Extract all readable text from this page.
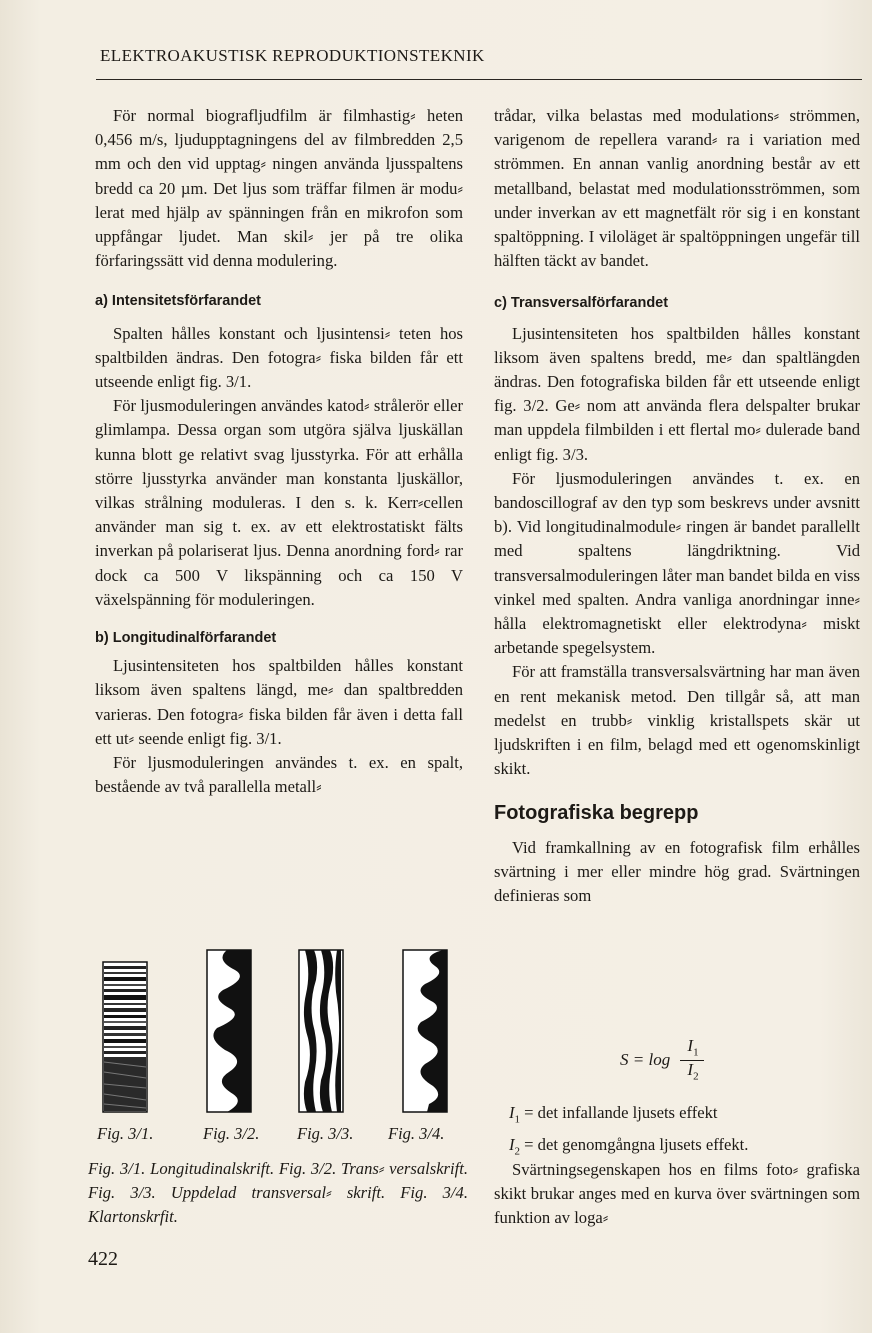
ELEKTROAKUSTISK REPRODUKTIONSTEKNIK

För normal biografljudfilm är filmhastig⸗ heten 0,456 m/s, ljudupptagningens del av filmbredden 2,5 mm och den vid upptag⸗ ningen använda ljusspaltens bredd ca 20 µm. Det ljus som träffar filmen är modu⸗ lerat med hjälp av spänningen från en mikrofon som uppfångar ljudet. Man skil⸗ jer på tre olika förfaringssätt vid denna modulering.

a) Intensitetsförfarandet

Spalten hålles konstant och ljusintensi⸗ teten hos spaltbilden ändras. Den fotogra⸗ fiska bilden får ett utseende enligt fig. 3/1.

För ljusmoduleringen användes katod⸗ strålerör eller glimlampa. Dessa organ som utgöra själva ljuskällan kunna blott ge relativt svag ljusstyrka. För att erhålla större ljusstyrka använder man konstanta ljuskällor, vilkas strålning moduleras. I den s. k. Kerr⸗cellen använder man sig t. ex. av ett elektrostatiskt fälts inverkan på polariserat ljus. Denna anordning ford⸗ rar dock ca 500 V likspänning och ca 150 V växelspänning för moduleringen.

b) Longitudinalförfarandet

Ljusintensiteten hos spaltbilden hålles konstant liksom även spaltens längd, me⸗ dan spaltbredden varieras. Den fotogra⸗ fiska bilden får även i detta fall ett ut⸗ seende enligt fig. 3/1.

För ljusmoduleringen användes t. ex. en spalt, bestående av två parallella metall⸗

Fig. 3/1.	Fig. 3/2. Fig. 3/3. Fig. 3/4.
Fig. 3/1. Longitudinalskrift. Fig. 3/2. Trans⸗ versalskrift. Fig. 3/3. Uppdelad transversal⸗ skrift. Fig. 3/4. Klartonskrfit.
422

trådar, vilka belastas med modulations⸗ strömmen, varigenom de repellera varand⸗ ra i variation med strömmen. En annan vanlig anordning består av ett metallband, belastat med modulationsströmmen, som under inverkan av ett magnetfält rör sig i en konstant spaltöppning. I viloläget är spaltöppningen ungefär till hälften täckt av bandet.

c) Transversalförfarandet

Ljusintensiteten hos spaltbilden hålles konstant liksom även spaltens bredd, me⸗ dan spaltlängden ändras. Den fotografiska bilden får ett utseende enligt fig. 3/2. Ge⸗ nom att använda flera delspalter brukar man uppdela filmbilden i ett flertal mo⸗ dulerade band enligt fig. 3/3.

För ljusmoduleringen användes t. ex. en bandoscillograf av den typ som beskrevs under avsnitt b). Vid longitudinalmodule⸗ ringen är bandet parallellt med spaltens längdriktning. Vid transversalmoduleringen låter man bandet bilda en viss vinkel med spalten. Andra vanliga anordningar inne⸗ hålla elektromagnetiskt eller elektrodyna⸗ miskt arbetande spegelsystem.

För att framställa transversalsvärtning har man även en rent mekanisk metod. Den tillgår så, att man medelst en trubb⸗ vinklig kristallspets skär ut ljudskriften i en film, belagd med ett ogenomskinligt skikt.

Fotografiska begrepp

Vid framkallning av en fotografisk film erhålles svärtning i mer eller mindre hög grad. Svärtningen definieras som

S = log
$I_1$
$I_2$
$I_1 = \det$ infallande ljusets effekt
$I_2 = \det$ genomgångna ljusets effekt.

Svärtningsegenskapen hos en films foto⸗ grafiska skikt brukar anges med en kurva över svärtningen som funktion av loga⸗
